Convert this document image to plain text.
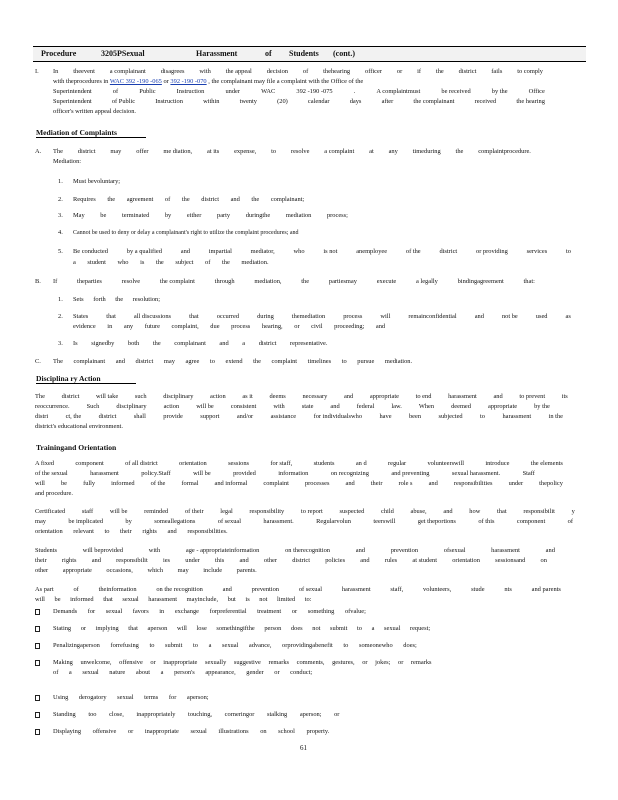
Procedure	3205PSexual	Harassment	of Students (cont.)
I. In theevent a complainant disagrees with the appeal decision of thehearing officer or if the district fails to comply
with theprocedures in WAC 392 -190 -065 or 392 -190 -070 , the complainant may file a complaint with the Office of the
Superintendent	of	Public	Instruction	under	WAC	392 -190 -075	.	A complaintmust	be received	by the	Office
Superintendent	of Public	Instruction	within	twenty	(20)	calendar	days	after	the complainant	received	the hearing
officer's written appeal decision.
Mediation of Complaints
A. The district may offer me diation, at its expense, to resolve a complaint at any timeduring the complaintprocedure.
Mediation:
1. Must bevoluntary;
2. Requires the agreement of the district and the complainant;
3. May be terminated by either party duringthe mediation process;
4. Cannot be used to deny or delay a complainant's right to utilize the complaint procedures; and
5. Be conducted	by a qualified	and	impartial	mediator,	who	is not	anemployee	of the	district	or providing	services	to
a student who is the subject of the mediation.
B. If	theparties	resolve	the complaint	through	mediation,	the	partiesmay	execute	a legally	bindingagreement	that:
1. Sets forth the resolution;
2. States	that	all discussions	that	occurred	during	themediation	process	will	remainconfidential	and	not be	used	as
evidence in any future complaint, due process hearing, or civil proceeding; and
3. Is signedby both the complainant and a district representative.
C. The complainant and district may agree to extend the complaint timelines to pursue mediation.
Disciplina ry Action
The	district	will take	such	disciplinary	action	as it	deems	necessary	and	appropriate	to end	harassment	and	to prevent	its
reoccurrence.	Such	disciplinary	action	will be	consistent	with	state	and	federal	law.	When	deemed	appropriate	by the
distri	ct, the	district	shall	provide	support	and/or	assistance	for individualswho	have	been	subjected	to	harassment	in the
district's educational environment.
Trainingand Orientation
A fixed	component	of all district	orientation	sessions	for staff,	students	an d	regular	volunteerswill	introduce	the elements
of the sexual	harassment	policy.Staff	will be	provided	information	on recognizing	and preventing	sexual harassment.	Staff
will	be	fully	informed	of the	formal	and informal	complaint	processes	and	their	role s	and	responsibilities	under	thepolicy
and procedure.
Certificated	staff	will be	reminded	of their	legal	responsibility	to report	suspected	child	abuse,	and	how	that	responsibilit	y
may	be implicated	by	someallegations	of sexual	harassment.	Regularvolun	teerswill	get theportions	of this	component	of
orientation relevant to their rights and responsibilities.
Students	will beprovided	with	age - appropriateinformation	on therecognition	and	prevention	ofsexual	harassment	and
their rights and responsibilit ies under this and other district policies and rules at student orientation sessionsand on
other appropriate occasions, which may include parents.
As part	of	theinformation	on the recognition	and	prevention	of sexual	harassment	staff,	volunteers,	stude	nts	and parents
will be informed that sexual harassment mayinclude, but is not limited to:
Demands for sexual favors in exchange forpreferential treatment or something ofvalue;
Stating or implying that aperson will lose somethingifthe person does not submit to a sexual request;
Penalizingaperson forrefusing to submit to a sexual advance, orprovidingabenefit to someonewho does;
Making unwelcome, offensive or inappropriate sexually suggestive remarks comments, gestures, or jokes; or remarks
of a sexual nature about a person's appearance, gender or conduct;
Using derogatory sexual terms for aperson;
Standing too close, inappropriately touching, corneringor stalking aperson; or
Displaying offensive or inappropriate sexual illustrations on school property.
61
